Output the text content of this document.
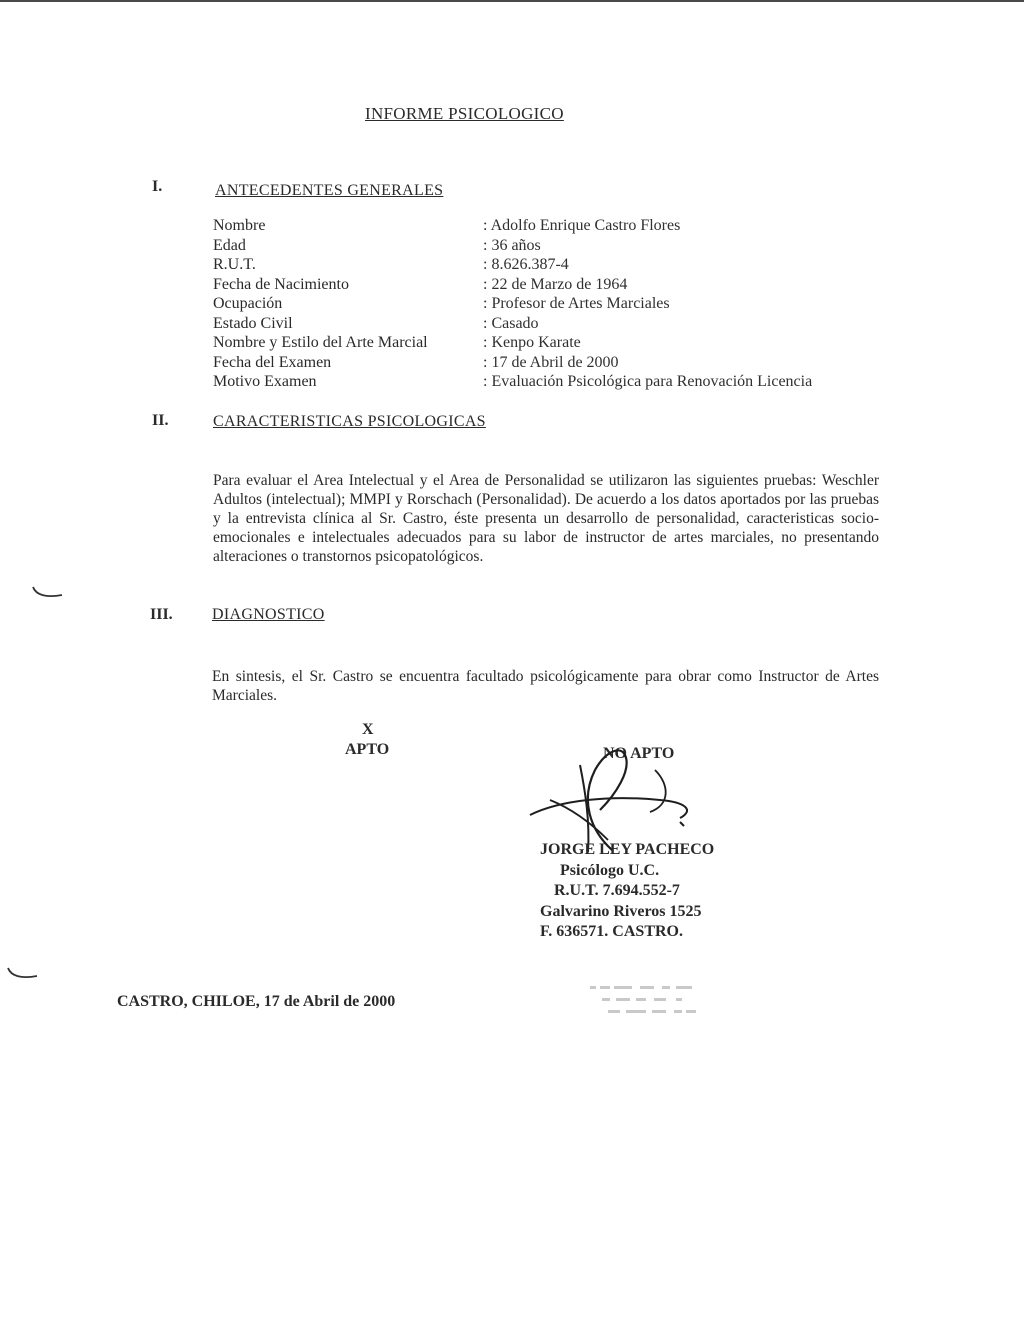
INFORME PSICOLOGICO
I.	ANTECEDENTES GENERALES
Nombre	: Adolfo Enrique Castro Flores
Edad	: 36 años
R.U.T.	: 8.626.387-4
Fecha de Nacimiento	: 22 de Marzo de 1964
Ocupación	: Profesor de Artes Marciales
Estado Civil	: Casado
Nombre y Estilo del Arte Marcial	: Kenpo Karate
Fecha del Examen	: 17 de Abril de 2000
Motivo Examen	: Evaluación Psicológica para Renovación Licencia
II.	CARACTERISTICAS PSICOLOGICAS
Para evaluar el Area Intelectual y el Area de Personalidad se utilizaron las siguientes pruebas: Weschler Adultos (intelectual); MMPI y Rorschach (Personalidad). De acuerdo a los datos aportados por las pruebas y la entrevista clínica al Sr. Castro, éste presenta un desarrollo de personalidad, caracteristicas socio-emocionales e intelectuales adecuados para su labor de instructor de artes marciales, no presentando alteraciones o transtornos psicopatológicos.
III. DIAGNOSTICO
En sintesis, el Sr. Castro se encuentra facultado psicológicamente para obrar como Instructor de Artes Marciales.
X
APTO	NO APTO
JORGE LEY PACHECO
Psicólogo U.C.
R.U.T. 7.694.552-7
Galvarino Riveros 1525
F. 636571. CASTRO.
CASTRO, CHILOE, 17 de Abril de 2000
